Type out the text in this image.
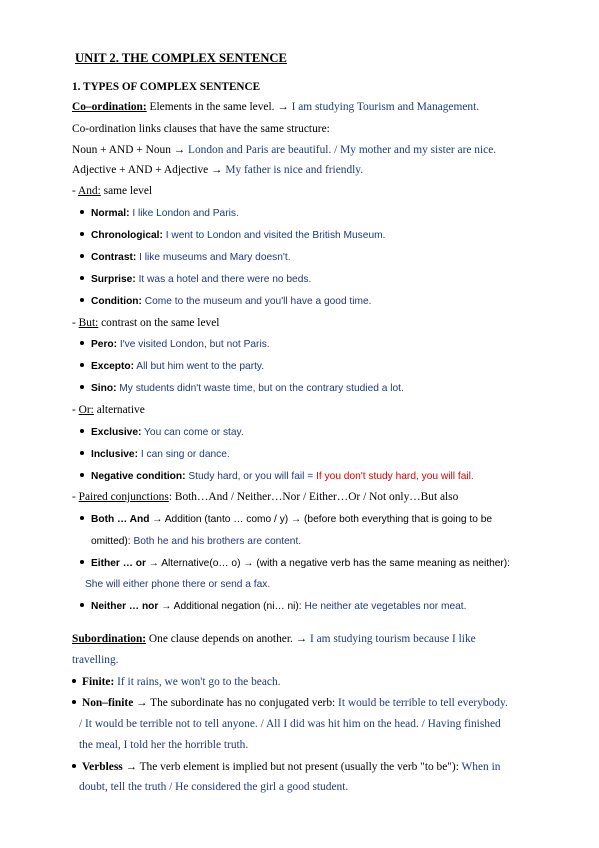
UNIT 2. THE COMPLEX SENTENCE
1. TYPES OF COMPLEX SENTENCE
Co–ordination: Elements in the same level. → I am studying Tourism and Management.
Co-ordination links clauses that have the same structure:
Noun + AND + Noun → London and Paris are beautiful. / My mother and my sister are nice.
Adjective + AND + Adjective → My father is nice and friendly.
- And: same level
Normal: I like London and Paris.
Chronological: I went to London and visited the British Museum.
Contrast: I like museums and Mary doesn't.
Surprise: It was a hotel and there were no beds.
Condition: Come to the museum and you'll have a good time.
- But: contrast on the same level
Pero: I've visited London, but not Paris.
Excepto: All but him went to the party.
Sino: My students didn't waste time, but on the contrary studied a lot.
- Or: alternative
Exclusive: You can come or stay.
Inclusive: I can sing or dance.
Negative condition: Study hard, or you will fail = If you don't study hard, you will fail.
- Paired conjunctions: Both…And / Neither…Nor / Either…Or / Not only…But also
Both … And → Addition (tanto … como / y) → (before both everything that is going to be
omitted): Both he and his brothers are content.
Either … or → Alternative(o… o) → (with a negative verb has the same meaning as neither):
She will either phone there or send a fax.
Neither … nor → Additional negation (ni… ni): He neither ate vegetables nor meat.
Subordination: One clause depends on another. → I am studying tourism because I like
travelling.
Finite: If it rains, we won't go to the beach.
Non–finite → The subordinate has no conjugated verb: It would be terrible to tell everybody.
/ It would be terrible not to tell anyone. / All I did was hit him on the head. / Having finished
the meal, I told her the horrible truth.
Verbless → The verb element is implied but not present (usually the verb "to be"): When in
doubt, tell the truth / He considered the girl a good student.
